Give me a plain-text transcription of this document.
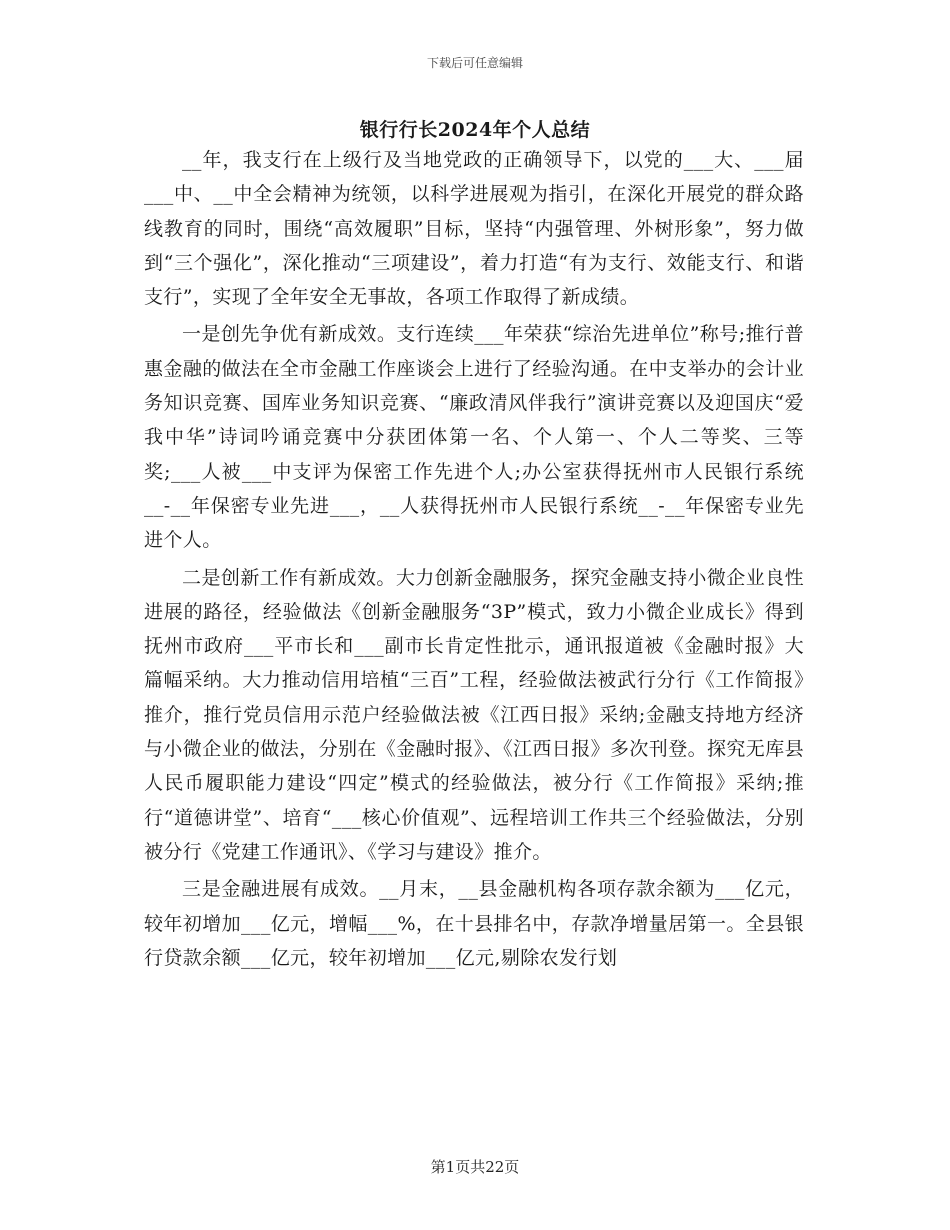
下载后可任意编辑
银行行长2024年个人总结

__年，我支行在上级行及当地党政的正确领导下，以党的___大、___届___中、__中全会精神为统领，以科学进展观为指引，在深化开展党的群众路线教育的同时，围绕“高效履职”目标，坚持“内强管理、外树形象”，努力做到“三个强化”，深化推动“三项建设”，着力打造“有为支行、效能支行、和谐支行”，实现了全年安全无事故，各项工作取得了新成绩。

一是创先争优有新成效。支行连续___年荣获“综治先进单位”称号;推行普惠金融的做法在全市金融工作座谈会上进行了经验沟通。在中支举办的会计业务知识竞赛、国库业务知识竞赛、“廉政清风伴我行”演讲竞赛以及迎国庆“爱我中华”诗词吟诵竞赛中分获团体第一名、个人第一、个人二等奖、三等奖;___人被___中支评为保密工作先进个人;办公室获得抚州市人民银行系统__-__年保密专业先进___，__人获得抚州市人民银行系统__-__年保密专业先进个人。

二是创新工作有新成效。大力创新金融服务，探究金融支持小微企业良性进展的路径，经验做法《创新金融服务“3P”模式，致力小微企业成长》得到抚州市政府___平市长和___副市长肯定性批示，通讯报道被《金融时报》大篇幅采纳。大力推动信用培植“三百”工程，经验做法被武行分行《工作简报》推介，推行党员信用示范户经验做法被《江西日报》采纳;金融支持地方经济与小微企业的做法，分别在《金融时报》、《江西日报》多次刊登。探究无库县人民币履职能力建设“四定”模式的经验做法，被分行《工作简报》采纳;推行“道德讲堂”、培育“___核心价值观”、远程培训工作共三个经验做法，分别被分行《党建工作通讯》、《学习与建设》推介。

三是金融进展有成效。__月末，__县金融机构各项存款余额为___亿元，较年初增加___亿元，增幅___%，在十县排名中，存款净增量居第一。全县银行贷款余额___亿元，较年初增加___亿元,剔除农发行划

第1页共22页
